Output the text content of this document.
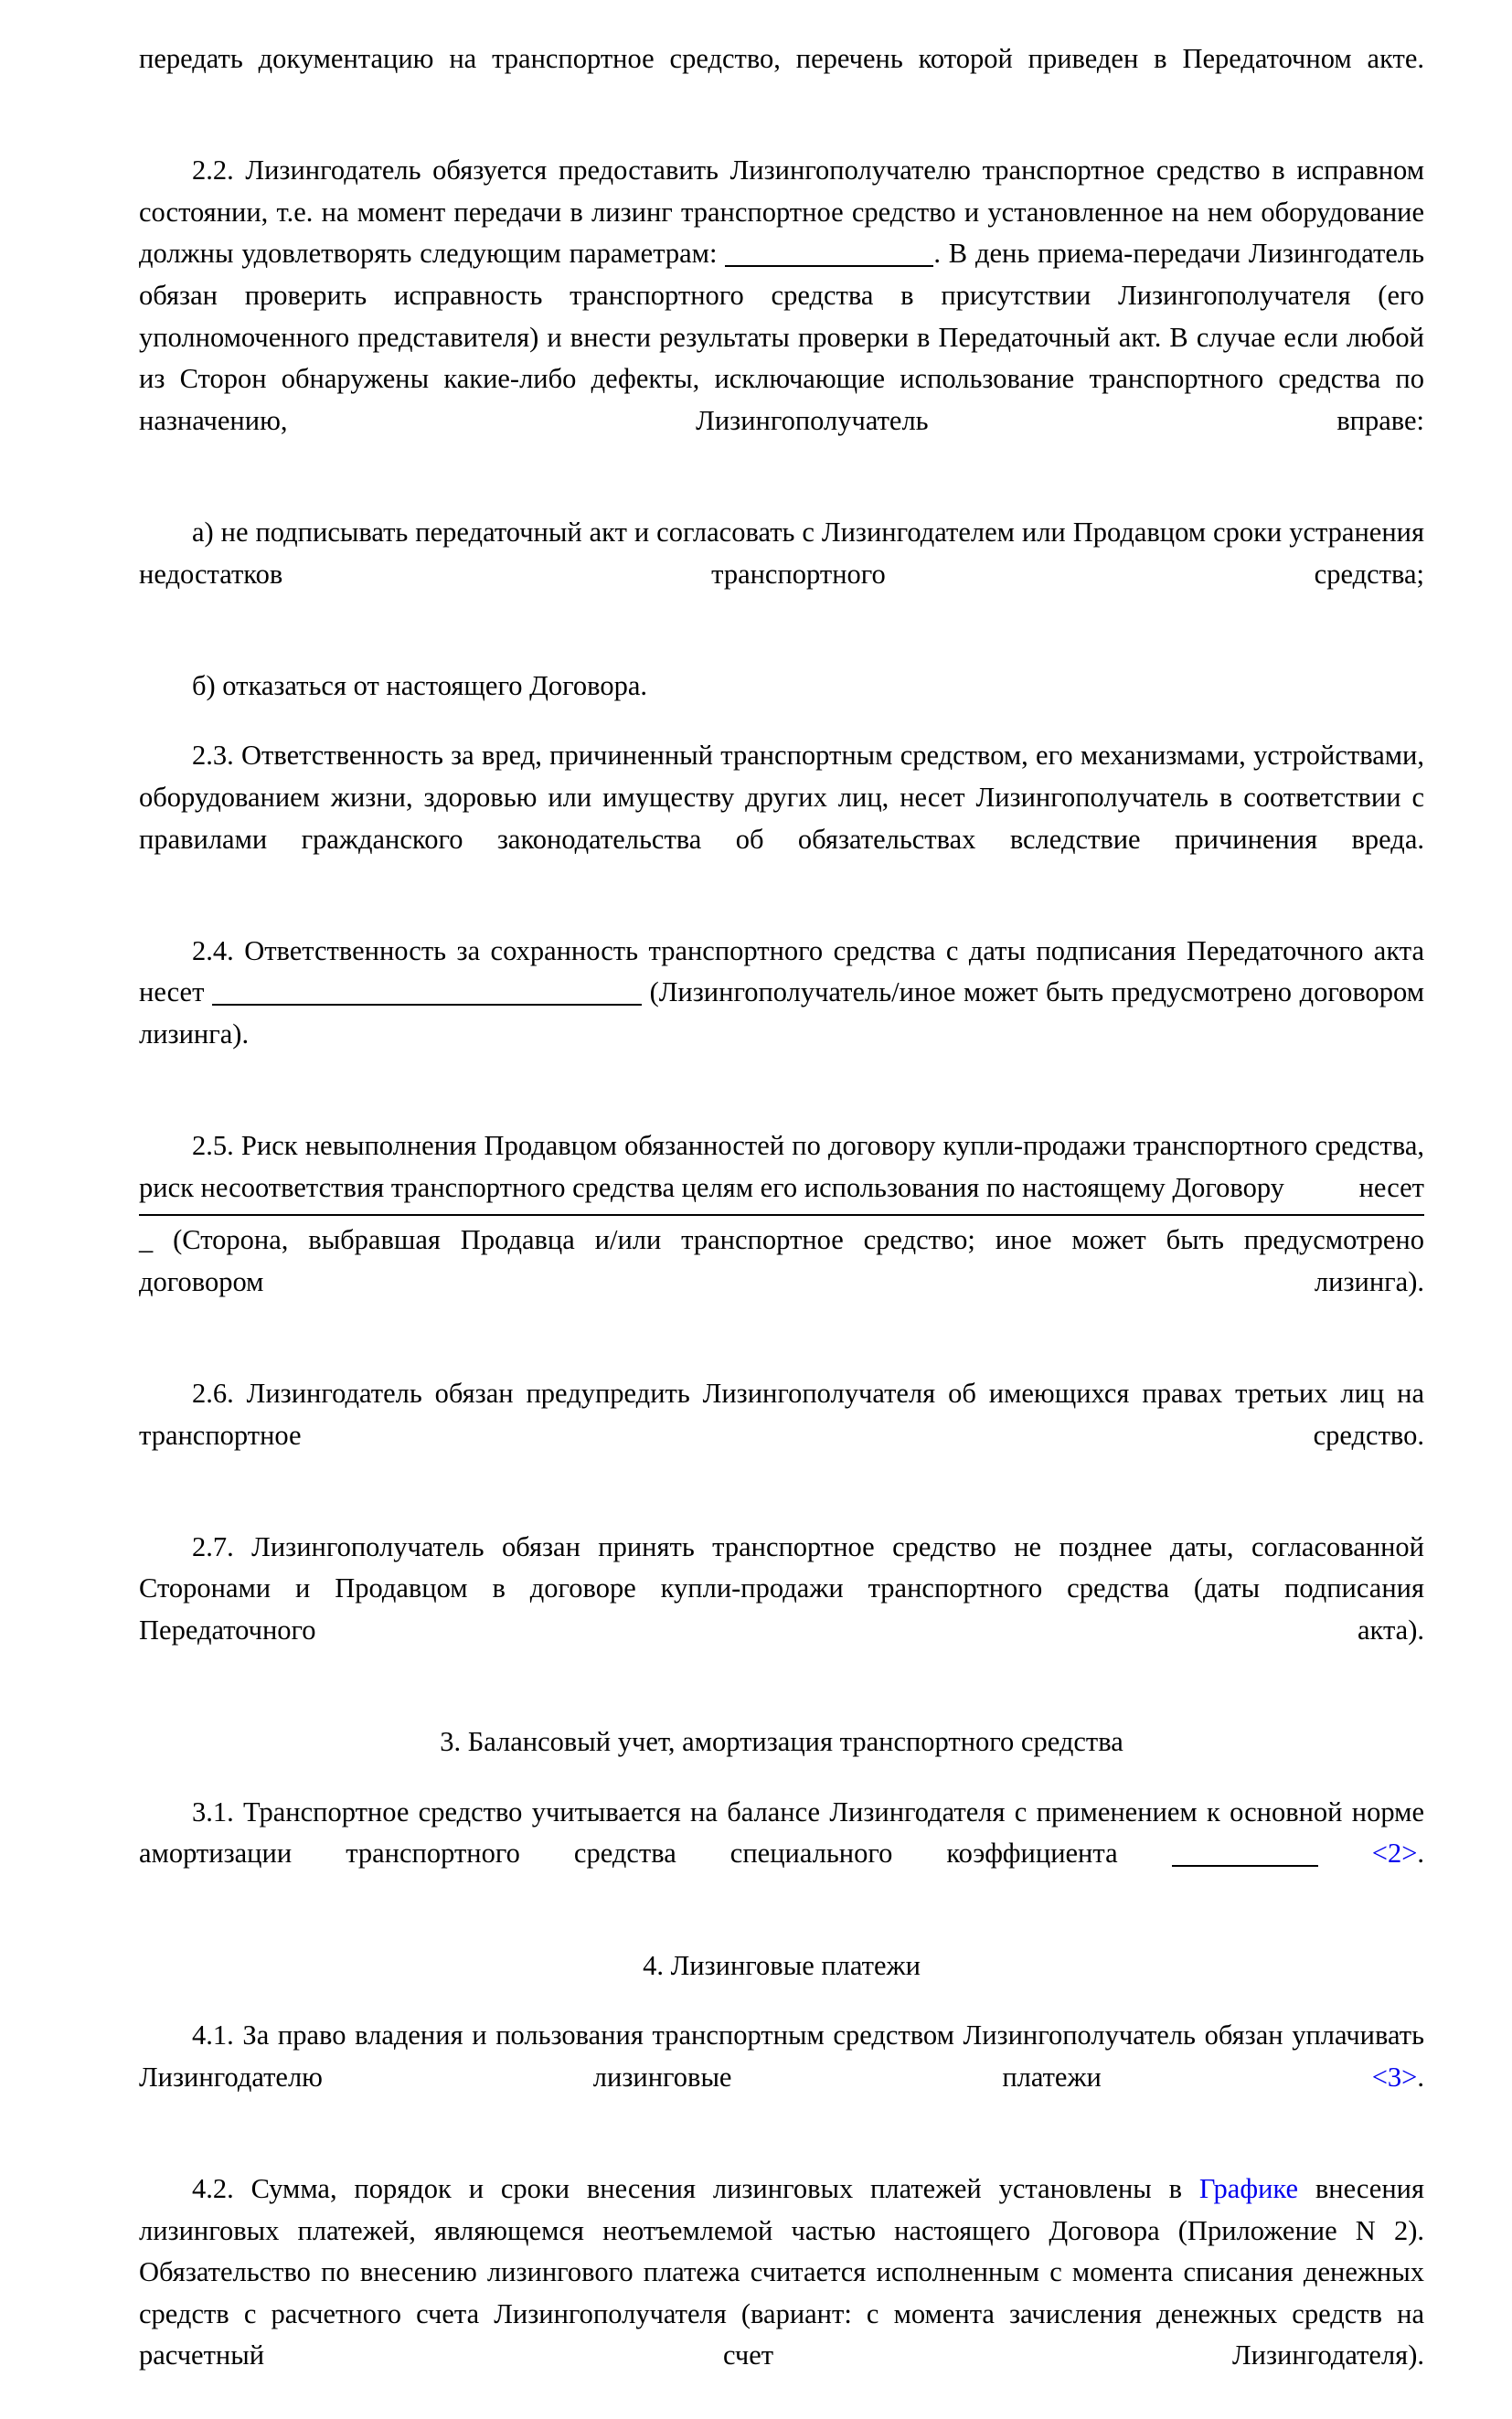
передать документацию на транспортное средство, перечень которой приведен в Передаточном акте.

2.2. Лизингодатель обязуется предоставить Лизингополучателю транспортное средство в исправном состоянии, т.е. на момент передачи в лизинг транспортное средство и установленное на нем оборудование должны удовлетворять следующим параметрам:	. В день приема-передачи Лизингодатель обязан проверить исправность транспортного средства в присутствии Лизингополучателя (его уполномоченного представителя) и внести результаты проверки в Передаточный акт. В случае если любой из Сторон обнаружены какие-либо дефекты, исключающие использование транспортного средства по назначению, Лизингополучатель вправе:

а) не подписывать передаточный акт и согласовать с Лизингодателем или Продавцом сроки устранения недостатков транспортного средства;

б) отказаться от настоящего Договора.

2.3. Ответственность за вред, причиненный транспортным средством, его механизмами, устройствами, оборудованием жизни, здоровью или имуществу других лиц, несет Лизингополучатель в соответствии с правилами гражданского законодательства об обязательствах вследствие причинения вреда.

2.4. Ответственность за сохранность транспортного средства с даты подписания Передаточного акта несет	(Лизингополучатель/иное может быть предусмотрено договором лизинга).

2.5. Риск невыполнения Продавцом обязанностей по договору купли-продажи транспортного средства, риск несоответствия транспортного средства целям его использования по настоящему Договору	несет

_ (Сторона, выбравшая Продавца и/или транспортное средство; иное может быть предусмотрено договором лизинга).

2.6. Лизингодатель обязан предупредить Лизингополучателя об имеющихся правах третьих лиц на транспортное средство.

2.7. Лизингополучатель обязан принять транспортное средство не позднее даты, согласованной Сторонами и Продавцом в договоре купли-продажи транспортного средства (даты подписания Передаточного акта).

3. Балансовый учет, амортизация транспортного средства

3.1. Транспортное средство учитывается на балансе Лизингодателя с применением к основной норме амортизации транспортного средства специального коэффициента	<2>.

4. Лизинговые платежи

4.1. За право владения и пользования транспортным средством Лизингополучатель обязан уплачивать Лизингодателю лизинговые платежи	<3>.

4.2. Сумма, порядок и сроки внесения лизинговых платежей установлены в Графике внесения лизинговых платежей, являющемся неотъемлемой частью настоящего Договора (Приложение N 2). Обязательство по внесению лизингового платежа считается исполненным с момента списания денежных средств с расчетного счета Лизингополучателя (вариант: с момента зачисления денежных средств на расчетный счет Лизингодателя).
